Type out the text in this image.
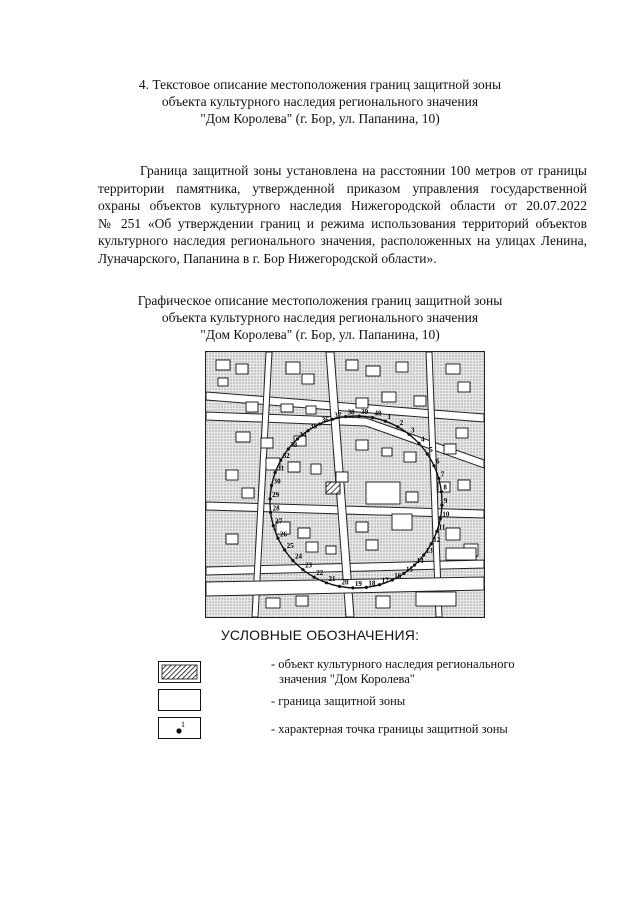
4. Текстовое описание местоположения границ защитной зоны
объекта культурного наследия регионального значения
"Дом Королева" (г. Бор, ул. Папанина, 10)
Граница защитной зоны установлена на расстоянии 100 метров от границы
территории памятника, утвержденной приказом управления государственной
охраны объектов культурного наследия Нижегородской области от 20.07.2022
№ 251 «Об утверждении границ и режима использования территорий объектов
культурного наследия регионального значения, расположенных на улицах Ленина,
Луначарского, Папанина в г. Бор Нижегородской области».
Графическое описание местоположения границ защитной зоны
объекта культурного наследия регионального значения
"Дом Королева" (г. Бор, ул. Папанина, 10)
1
2
3
4
5
6
7
8
9
10
11
12
13
14
15
16
17
18
19
20
21
22
23
24
25
26
27
28
29
30
31
32
33
34
35
36
37 38 39 40
УСЛОВНЫЕ ОБОЗНАЧЕНИЯ:
- объект культурного наследия регионального
значения "Дом Королева"
- граница защитной зоны
1	- характерная точка границы защитной зоны
